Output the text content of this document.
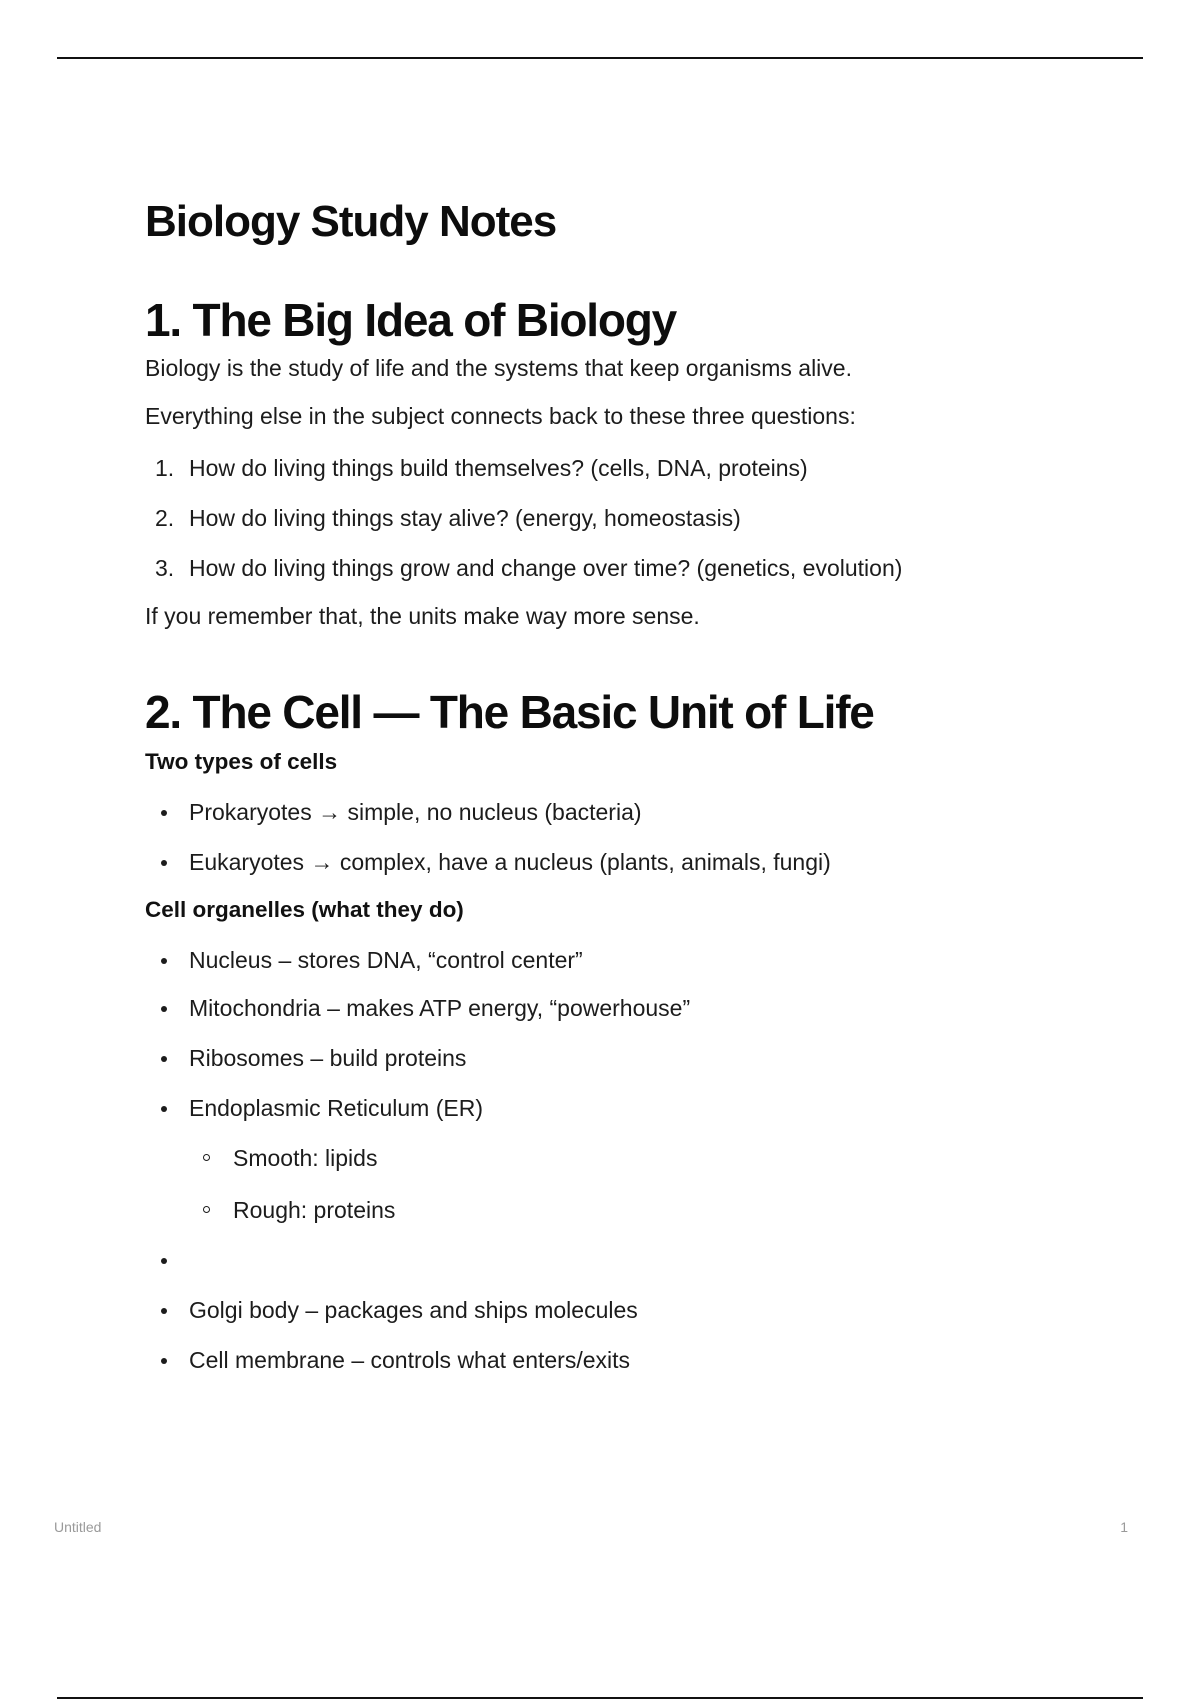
Biology Study Notes
1. The Big Idea of Biology

Biology is the study of life and the systems that keep organisms alive.

Everything else in the subject connects back to these three questions:

1. How do living things build themselves? (cells, DNA, proteins)
2. How do living things stay alive? (energy, homeostasis)
3. How do living things grow and change over time? (genetics, evolution)

If you remember that, the units make way more sense.

2. The Cell — The Basic Unit of Life

Two types of cells

Prokaryotes → simple, no nucleus (bacteria)
Eukaryotes → complex, have a nucleus (plants, animals, fungi)

Cell organelles (what they do)

Nucleus – stores DNA, “control center”
Mitochondria – makes ATP energy, “powerhouse”
Ribosomes – build proteins
Endoplasmic Reticulum (ER)
Smooth: lipids
Rough: proteins
Golgi body – packages and ships molecules
Cell membrane – controls what enters/exits
Untitled	1
